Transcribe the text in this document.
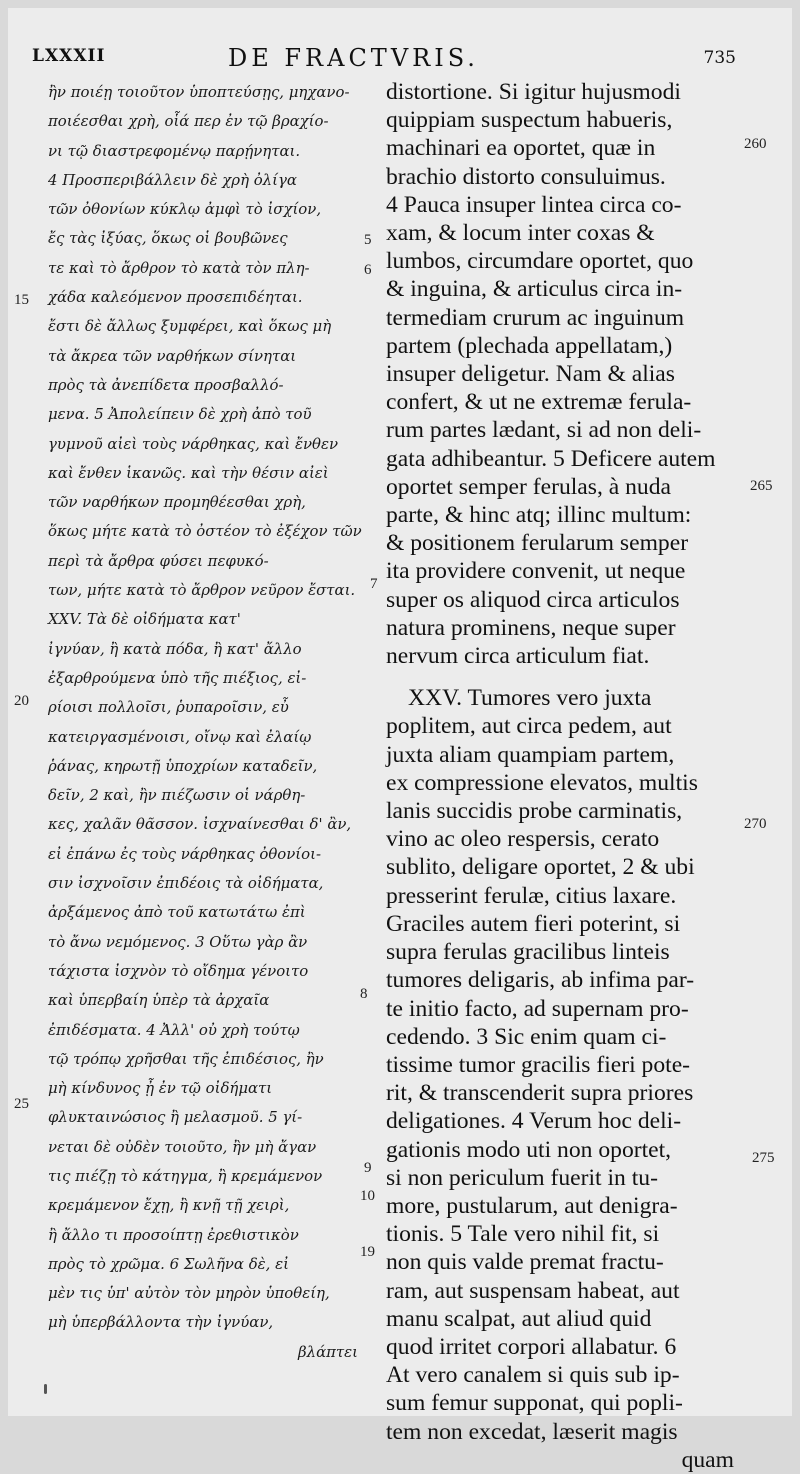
LXXXII	DE FRACTVRIS.	735
ἢν ποιέῃ τοιοῦτον ὑποπτεύσῃς, μηχανο-
ποιέεσθαι χρὴ, οἷά περ ἐν τῷ βραχίο-
νι τῷ διαστρεφομένῳ παρῄνηται.
4 Προσπεριβάλλειν δὲ χρὴ ὀλίγα
τῶν ὀθονίων κύκλῳ ἀμφὶ τὸ ἰσχίον,
ἔς τὰς ἰξύας, ὅκως οἱ βουβῶνες
τε καὶ τὸ ἄρθρον τὸ κατὰ τὸν πλη-
χάδα καλεόμενον προσεπιδέηται.
ἔστι δὲ ἄλλως ξυμφέρει, καὶ ὅκως μὴ
τὰ ἄκρεα τῶν ναρθήκων σίνηται
πρὸς τὰ ἀνεπίδετα προσβαλλό-
μενα. 5 Ἀπολείπειν δὲ χρὴ ἀπὸ τοῦ
γυμνοῦ αἰεὶ τοὺς νάρθηκας, καὶ ἔνθεν
καὶ ἔνθεν ἱκανῶς. καὶ τὴν θέσιν αἰεὶ
τῶν ναρθήκων προμηθέεσθαι χρὴ,
ὅκως μήτε κατὰ τὸ ὀστέον τὸ ἐξέχον τῶν
περὶ τὰ ἄρθρα φύσει πεφυκό-
των, μήτε κατὰ τὸ ἄρθρον νεῦρον ἔσται.
ΧΧV. Τὰ δὲ οἰδήματα κατ'
ἰγνύαν, ἢ κατὰ πόδα, ἢ κατ' ἄλλο
ἐξαρθρούμενα ὑπὸ τῆς πιέξιος, εἰ-
ρίοισι πολλοῖσι, ῥυπαροῖσιν, εὖ
κατειργασμένοισι, οἴνῳ καὶ ἐλαίῳ
ῥάνας, κηρωτῇ ὑποχρίων καταδεῖν,
δεῖν, 2 καὶ, ἢν πιέζωσιν οἱ νάρθη-
κες, χαλᾶν θᾶσσον. ἰσχναίνεσθαι δ' ἂν,
εἰ ἐπάνω ἐς τοὺς νάρθηκας ὀθονίοι-
σιν ἰσχνοῖσιν ἐπιδέοις τὰ οἰδήματα,
ἀρξάμενος ἀπὸ τοῦ κατωτάτω ἐπὶ
τὸ ἄνω νεμόμενος. 3 Οὕτω γὰρ ἂν
τάχιστα ἰσχνὸν τὸ οἴδημα γένοιτο
καὶ ὑπερβαίη ὑπὲρ τὰ ἀρχαῖα
ἐπιδέσματα. 4 Ἀλλ' οὐ χρὴ τούτῳ
τῷ τρόπῳ χρῆσθαι τῆς ἐπιδέσιος, ἢν
μὴ κίνδυνος ᾖ ἐν τῷ οἰδήματι
φλυκταινώσιος ἢ μελασμοῦ. 5 γί-
νεται δὲ οὐδὲν τοιοῦτο, ἢν μὴ ἄγαν
τις πιέζῃ τὸ κάτηγμα, ἢ κρεμάμενον
κρεμάμενον ἔχῃ, ἢ κνῇ τῇ χειρὶ,
ἢ ἄλλο τι προσοίπτῃ ἐρεθιστικὸν
πρὸς τὸ χρῶμα. 6 Σωλῆνα δὲ, εἰ
μὲν τις ὑπ' αὐτὸν τὸν μηρὸν ὑποθείη,
μὴ ὑπερβάλλοντα τὴν ἰγνύαν,
βλάπτει
distortione. Si igitur hujusmodi
quippiam suspectum habueris,
machinari ea oportet, quæ in
brachio distorto consuluimus.
4 Pauca insuper lintea circa co-
xam, & locum inter coxas &
lumbos, circumdare oportet, quo
& inguina, & articulus circa in-
termediam crurum ac inguinum
partem (plechada appellatam,)
insuper deligetur. Nam & alias
confert, & ut ne extremæ ferula-
rum partes lædant, si ad non deli-
gata adhibeantur. 5 Deficere autem
oportet semper ferulas, à nuda
parte, & hinc atq; illinc multum:
& positionem ferularum semper
ita providere convenit, ut neque
super os aliquod circa articulos
natura prominens, neque super
nervum circa articulum fiat.
XXV. Tumores vero juxta
poplitem, aut circa pedem, aut
juxta aliam quampiam partem,
ex compressione elevatos, multis
lanis succidis probe carminatis,
vino ac oleo respersis, cerato
sublito, deligare oportet, 2 & ubi
presserint ferulæ, citius laxare.
Graciles autem fieri poterint, si
supra ferulas gracilibus linteis
tumores deligaris, ab infima par-
te initio facto, ad supernam pro-
cedendo. 3 Sic enim quam ci-
tissime tumor gracilis fieri pote-
rit, & transcenderit supra priores
deligationes. 4 Verum hoc deli-
gationis modo uti non oportet,
si non periculum fuerit in tu-
more, pustularum, aut denigra-
tionis. 5 Tale vero nihil fit, si
non quis valde premat fractu-
ram, aut suspensam habeat, aut
manu scalpat, aut aliud quid
quod irritet corpori allabatur. 6
At vero canalem si quis sub ip-
sum femur supponat, qui popli-
tem non excedat, læserit magis
quam
5
6
15
7
20
8
25
9
10
19
260
265
270
275
